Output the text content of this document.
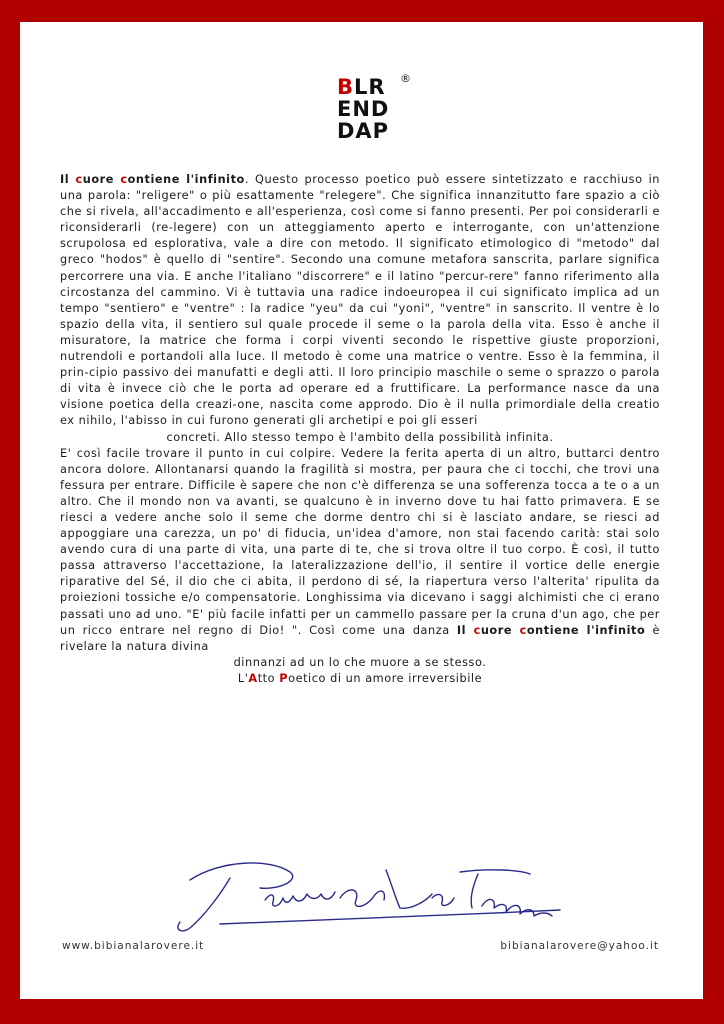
BLR	®
END
DAP

Il cuore contiene l'infinito. Questo processo poetico può essere sintetizzato e racchiuso in una parola: "religere" o più esattamente "relegere". Che significa innanzitutto fare spazio a ciò che si rivela, all'accadimento e all'esperienza, così come si fanno presenti. Per poi considerarli e riconsiderarli (re-legere) con un atteggiamento aperto e interrogante, con un'attenzione scrupolosa ed esplorativa, vale a dire con metodo. Il significato etimologico di "metodo" dal greco "hodos" è quello di "sentire". Secondo una comune metafora sanscrita, parlare significa percorrere una via. E anche l'italiano "discorrere" e il latino "percur-rere" fanno riferimento alla circostanza del cammino. Vi è tuttavia una radice indoeuropea il cui significato implica ad un tempo "sentiero" e "ventre" : la radice "yeu" da cui "yoni", "ventre" in sanscrito. Il ventre è lo spazio della vita, il sentiero sul quale procede il seme o la parola della vita. Esso è anche il misuratore, la matrice che forma i corpi viventi secondo le rispettive giuste proporzioni, nutrendoli e portandoli alla luce. Il metodo è come una matrice o ventre. Esso è la femmina, il prin-cipio passivo dei manufatti e degli atti. Il loro principio maschile o seme o sprazzo o parola di vita è invece ciò che le porta ad operare ed a fruttificare. La performance nasce da una visione poetica della creazi-one, nascita come approdo. Dio è il nulla primordiale della creatio ex nihilo, l'abisso in cui furono generati gli archetipi e poi gli esseri

concreti. Allo stesso tempo è l'ambito della possibilità infinita.

E' così facile trovare il punto in cui colpire. Vedere la ferita aperta di un altro, buttarci dentro ancora dolore. Allontanarsi quando la fragilità si mostra, per paura che ci tocchi, che trovi una fessura per entrare. Difficile è sapere che non c'è differenza se una sofferenza tocca a te o a un altro. Che il mondo non va avanti, se qualcuno è in inverno dove tu hai fatto primavera. E se riesci a vedere anche solo il seme che dorme dentro chi si è lasciato andare, se riesci ad appoggiare una carezza, un po' di fiducia, un'idea d'amore, non stai facendo carità: stai solo avendo cura di una parte di vita, una parte di te, che si trova oltre il tuo corpo. È così, il tutto passa attraverso l'accettazione, la lateralizzazione dell'io, il sentire il vortice delle energie riparative del Sé, il dio che ci abita, il perdono di sé, la riapertura verso l'alterita' ripulita da proiezioni tossiche e/o compensatorie. Longhissima via dicevano i saggi alchimisti che ci erano passati uno ad uno. "E' più facile infatti per un cammello passare per la cruna d'un ago, che per un ricco entrare nel regno di Dio! ". Così come una danza Il cuore contiene l'infinito è rivelare la natura divina

dinnanzi ad un lo che muore a se stesso.

L'Atto Poetico di un amore irreversibile

www.bibianalarovere.it	bibianalarovere@yahoo.it
